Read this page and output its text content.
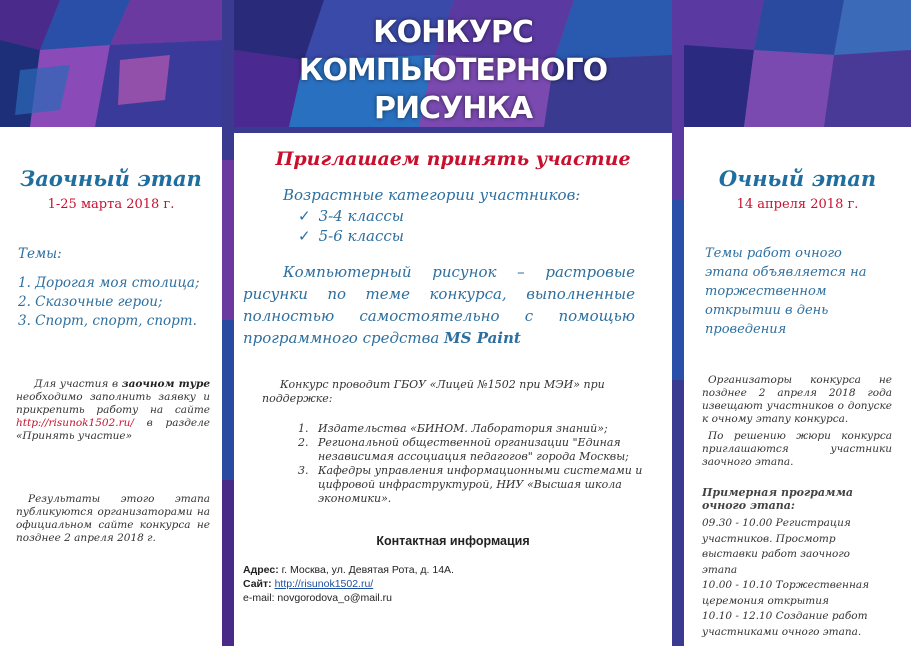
КОНКУРС КОМПЬЮТЕРНОГО
РИСУНКА
Заочный этап
1-25 марта 2018 г.
Темы:
1. Дорогая моя столица;
2. Сказочные герои;
3. Спорт, спорт, спорт.
Для участия в заочном туре необходимо заполнить заявку и прикрепить работу на сайте http://risunok1502.ru/ в разделе «Принять участие»
Результаты этого этапа публикуются организаторами на официальном сайте конкурса не позднее 2 апреля 2018 г.
Приглашаем принять участие
Возрастные категории участников:
✓ 3-4 классы
✓ 5-6 классы
Компьютерный рисунок – растровые рисунки по теме конкурса, выполненные полностью самостоятельно с помощью программного средства MS Paint
Конкурс проводит ГБОУ «Лицей №1502 при МЭИ» при поддержке:
1. Издательства «БИНОМ. Лаборатория знаний»;
2. Региональной общественной организации "Единая независимая ассоциация педагогов" города Москвы;
3. Кафедры управления информационными системами и цифровой инфраструктурой, НИУ «Высшая школа экономики».
Контактная информация
Адрес: г. Москва, ул. Девятая Рота, д. 14А.
Сайт: http://risunok1502.ru/
e-mail: novgorodova_o@mail.ru
Очный этап
14 апреля 2018 г.
Темы работ очного этапа объявляется на торжественном открытии в день проведения
Организаторы конкурса не позднее 2 апреля 2018 года извещают участников о допуске к очному этапу конкурса.
По решению жюри конкурса приглашаются участники заочного этапа.
Примерная программа очного этапа:
09.30 - 10.00 Регистрация участников. Просмотр выставки работ заочного этапа
10.00 - 10.10 Торжественная церемония открытия
10.10 - 12.10 Создание работ участниками очного этапа.
